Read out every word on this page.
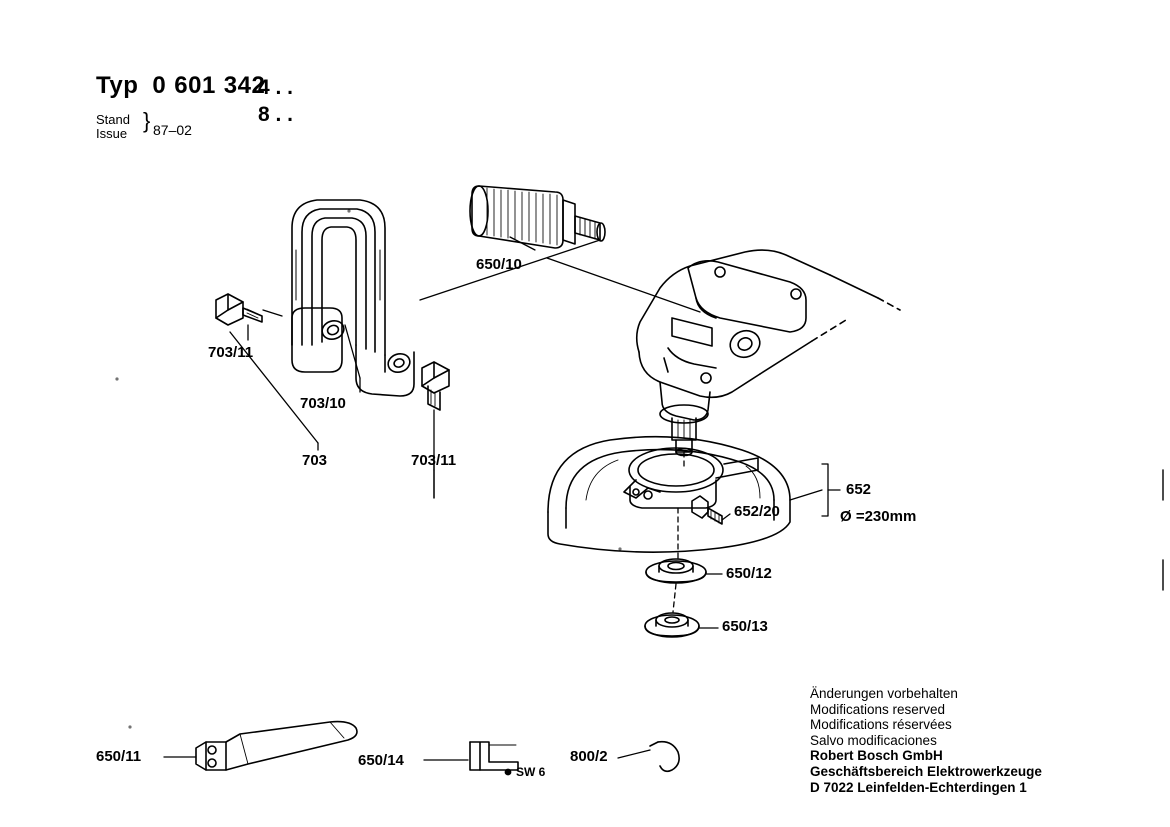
Typ 0 601 342
4 . .
8 . .
Stand
Issue
} 87–02
650/10
703/11
703/10
703	703/11
652
Ø =230mm
652/20
650/12
650/13
650/11	650/14
SW 6
800/2
Änderungen vorbehalten
Modifications reserved
Modifications réservées
Salvo modificaciones
Robert Bosch GmbH
Geschäftsbereich Elektrowerkzeuge
D 7022 Leinfelden-Echterdingen 1
